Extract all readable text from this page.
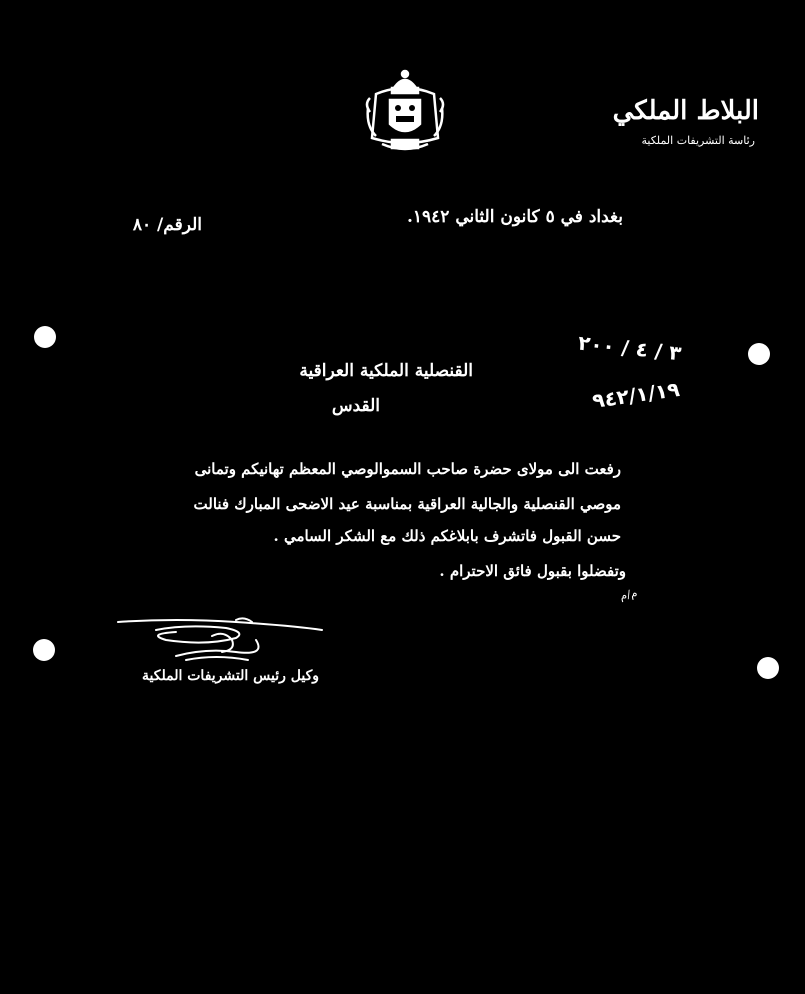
البلاط الملكي
رئاسة التشريفات الملكية
بغداد في ٥ كانون الثاني ١٩٤٢.
الرقم/ ٨٠
القنصلية الملكية العراقية
القدس
٣ / ٤ / ٢٠٠
٩٤٢/١/١٩
رفعت الى مولاى حضرة صاحب السموالوصي المعظم تهانيكم وتمانى
موصي القنصلية والجالية العراقية بمناسبة عيد الاضحى المبارك فنالت
حسن القبول فاتشرف بابلاغكم ذلك مع الشكر السامي .
وتفضلوا بقبول فائق الاحترام .
م/م
وكيل رئيس التشريفات الملكية
